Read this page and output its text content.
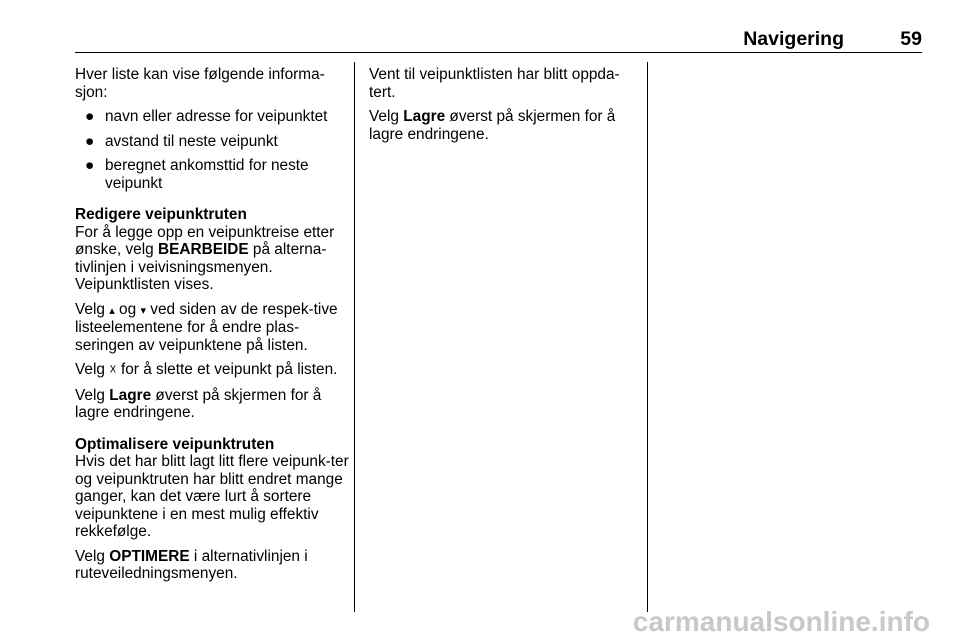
Navigering	59

Hver liste kan vise følgende informa-sjon:

● navn eller adresse for veipunktet
● avstand til neste veipunkt
● beregnet ankomsttid for neste veipunkt
Redigere veipunktruten

For å legge opp en veipunktreise etter ønske, velg BEARBEIDE på alterna-tivlinjen i veivisningsmenyen. Veipunktlisten vises.

Velg ▴ og ▾ ved siden av de respek-tive listeelementene for å endre plas-seringen av veipunktene på listen.

Velg ☓ for å slette et veipunkt på listen.

Velg Lagre øverst på skjermen for å lagre endringene.

Optimalisere veipunktruten

Hvis det har blitt lagt litt flere veipunk-ter og veipunktruten har blitt endret mange ganger, kan det være lurt å sortere veipunktene i en mest mulig effektiv rekkefølge.

Velg OPTIMERE i alternativlinjen i ruteveiledningsmenyen.

Vent til veipunktlisten har blitt oppda-tert.

Velg Lagre øverst på skjermen for å lagre endringene.

carmanualsonline.info
